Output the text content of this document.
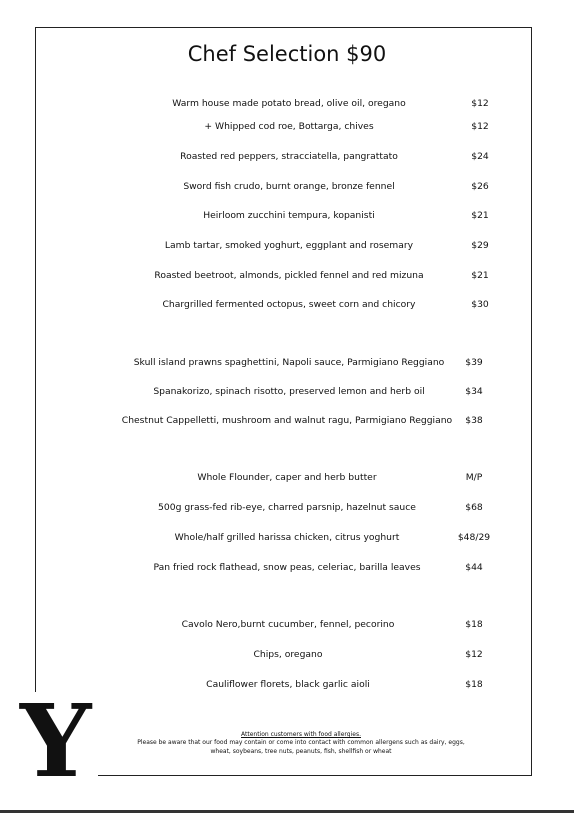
Chef Selection $90
Warm house made potato bread, olive oil, oregano	$12
+ Whipped cod roe, Bottarga, chives	$12
Roasted red peppers, stracciatella, pangrattato	$24
Sword fish crudo, burnt orange, bronze fennel	$26
Heirloom zucchini tempura, kopanisti	$21
Lamb tartar, smoked yoghurt, eggplant and rosemary	$29
Roasted beetroot, almonds, pickled fennel and red mizuna	$21
Chargrilled fermented octopus, sweet corn and chicory	$30
Skull island prawns spaghettini, Napoli sauce, Parmigiano Reggiano	$39
Spanakorizo, spinach risotto, preserved lemon and herb oil	$34
Chestnut Cappelletti, mushroom and walnut ragu, Parmigiano Reggiano	$38
Whole Flounder, caper and herb butter	M/P
500g grass-fed rib-eye, charred parsnip, hazelnut sauce	$68
Whole/half grilled harissa chicken, citrus yoghurt	$48/29
Pan fried rock flathead, snow peas, celeriac, barilla leaves	$44
Cavolo Nero,burnt cucumber, fennel, pecorino	$18
Chips, oregano	$12
Cauliflower florets, black garlic aioli	$18
Attention customers with food allergies.
Please be aware that our food may contain or come into contact with common allergens such as dairy, eggs,
wheat, soybeans, tree nuts, peanuts, fish, shellfish or wheat
Y
